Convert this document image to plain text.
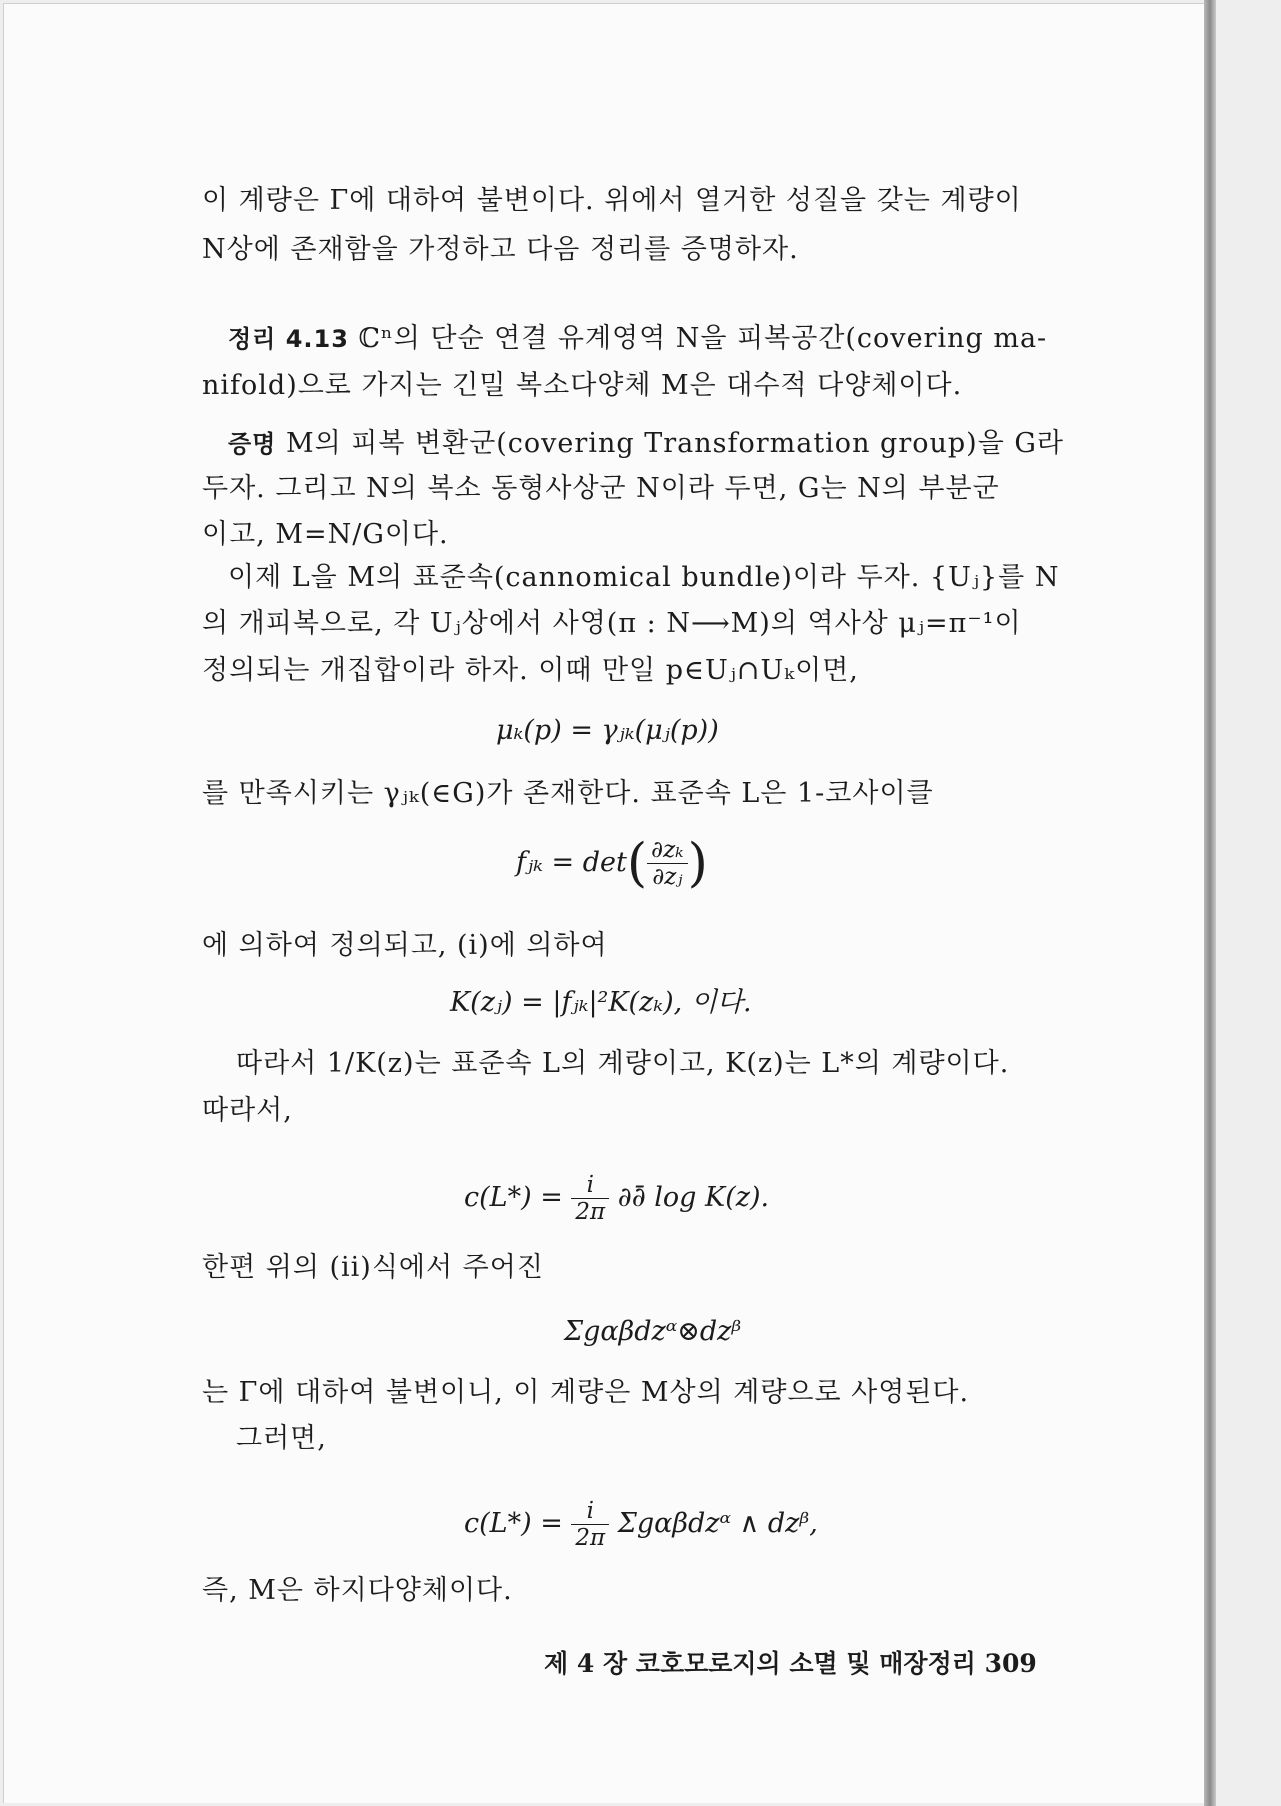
이 계량은 Γ에 대하여 불변이다. 위에서 열거한 성질을 갖는 계량이
N상에 존재함을 가정하고 다음 정리를 증명하자.
정리 4.13 ℂⁿ의 단순 연결 유계영역 N을 피복공간(covering ma-
nifold)으로 가지는 긴밀 복소다양체 M은 대수적 다양체이다.
증명 M의 피복 변환군(covering Transformation group)을 G라
두자. 그리고 N의 복소 동형사상군 N이라 두면, G는 N의 부분군
이고, M=N/G이다.
이제 L을 M의 표준속(cannomical bundle)이라 두자. {Uⱼ}를 N
의 개피복으로, 각 Uⱼ상에서 사영(π : N⟶M)의 역사상 μⱼ=π⁻¹이
정의되는 개집합이라 하자. 이때 만일 p∈Uⱼ∩Uₖ이면,
μₖ(p) = γⱼₖ(μⱼ(p))
를 만족시키는 γⱼₖ(∈G)가 존재한다. 표준속 L은 1-코사이클
fⱼₖ = $\det( \frac{\text{∂zₖ}}{\text{∂zⱼ}}$ )
에 의하여 정의되고, (i)에 의하여
K(zⱼ) = |fⱼₖ|²K(zₖ), 이다.
따라서 1/K(z)는 표준속 L의 계량이고, K(z)는 L*의 계량이다.
따라서,
$c(L*) = \frac{i}{2\pi}$ ∂∂̄ log K(z).
한편 위의 (ii)식에서 주어진
Σgαβdzᵅ⊗dzᵝ
는 Γ에 대하여 불변이니, 이 계량은 M상의 계량으로 사영된다.
그러면,
$c(L*) = \frac{i}{2\pi}$ Σgαβdzᵅ ∧ dzᵝ,
즉, M은 하지다양체이다.
제 4 장 코호모로지의 소멸 및 매장정리 309
